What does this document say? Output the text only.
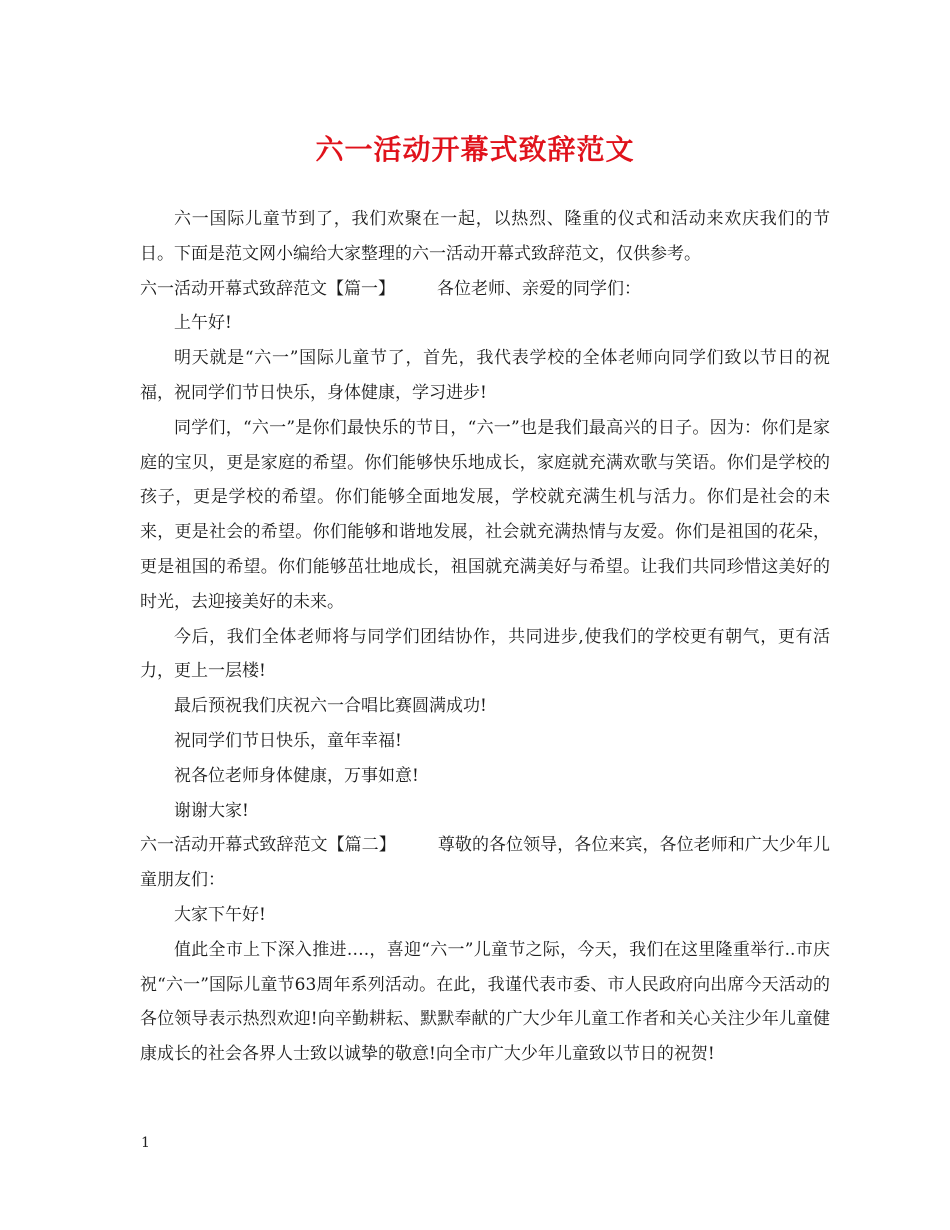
六一活动开幕式致辞范文

六一国际儿童节到了，我们欢聚在一起，以热烈、隆重的仪式和活动来欢庆我们的节日。下面是范文网小编给大家整理的六一活动开幕式致辞范文，仅供参考。

六一活动开幕式致辞范文【篇一】 各位老师、亲爱的同学们：

上午好!

明天就是“六一”国际儿童节了，首先，我代表学校的全体老师向同学们致以节日的祝福，祝同学们节日快乐，身体健康，学习进步!

同学们，“六一”是你们最快乐的节日，“六一”也是我们最高兴的日子。因为：你们是家庭的宝贝，更是家庭的希望。你们能够快乐地成长，家庭就充满欢歌与笑语。你们是学校的孩子，更是学校的希望。你们能够全面地发展，学校就充满生机与活力。你们是社会的未来，更是社会的希望。你们能够和谐地发展，社会就充满热情与友爱。你们是祖国的花朵，更是祖国的希望。你们能够茁壮地成长，祖国就充满美好与希望。让我们共同珍惜这美好的时光，去迎接美好的未来。

今后，我们全体老师将与同学们团结协作，共同进步,使我们的学校更有朝气，更有活力，更上一层楼!

最后预祝我们庆祝六一合唱比赛圆满成功!

祝同学们节日快乐，童年幸福!

祝各位老师身体健康，万事如意!

谢谢大家!

六一活动开幕式致辞范文【篇二】 尊敬的各位领导，各位来宾，各位老师和广大少年儿童朋友们：

大家下午好!

值此全市上下深入推进….，喜迎“六一”儿童节之际，今天，我们在这里隆重举行..市庆祝“六一”国际儿童节63周年系列活动。在此，我谨代表市委、市人民政府向出席今天活动的各位领导表示热烈欢迎!向辛勤耕耘、默默奉献的广大少年儿童工作者和关心关注少年儿童健康成长的社会各界人士致以诚挚的敬意!向全市广大少年儿童致以节日的祝贺!

1
